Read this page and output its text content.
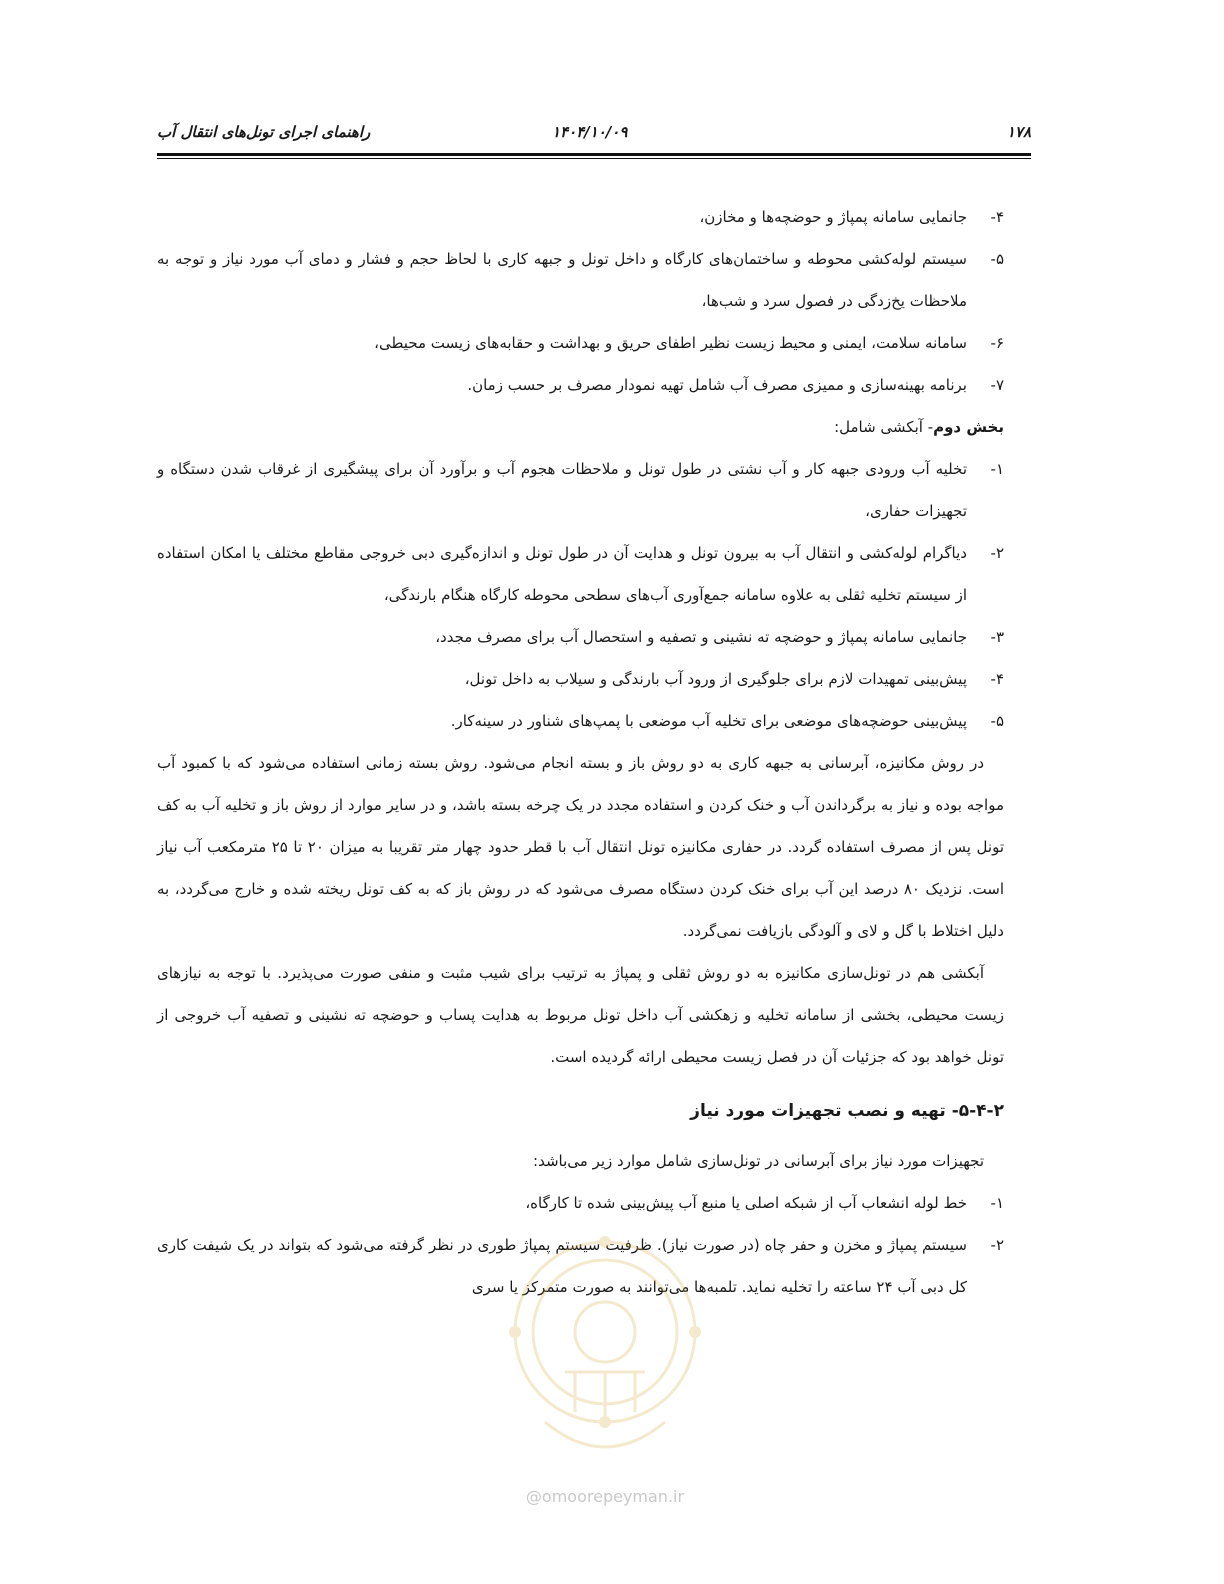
راهنمای اجرای تونل‌های انتقال آب	۱۴۰۴/۱۰/۰۹	۱۷۸
۴-
جانمایی سامانه پمپاژ و حوضچه‌ها و مخازن،
۵-
سیستم لوله‌کشی محوطه و ساختمان‌های کارگاه و داخل تونل و جبهه کاری با لحاظ حجم و فشار و دمای آب مورد نیاز و توجه به ملاحظات یخ‌زدگی در فصول سرد و شب‌ها،
۶-
سامانه سلامت، ایمنی و محیط زیست نظیر اطفای حریق و بهداشت و حقابه‌های زیست محیطی،
۷-
برنامه بهینه‌سازی و ممیزی مصرف آب شامل تهیه نمودار مصرف بر حسب زمان.

بخش دوم- آبکشی شامل:

۱-
تخلیه آب ورودی جبهه کار و آب نشتی در طول تونل و ملاحظات هجوم آب و برآورد آن برای پیشگیری از غرقاب شدن دستگاه و تجهیزات حفاری،
۲-
دیاگرام لوله‌کشی و انتقال آب به بیرون تونل و هدایت آن در طول تونل و اندازه‌گیری دبی خروجی مقاطع مختلف یا امکان استفاده از سیستم تخلیه ثقلی به علاوه سامانه جمع‌آوری آب‌های سطحی محوطه کارگاه هنگام بارندگی،
۳-
جانمایی سامانه پمپاژ و حوضچه ته نشینی و تصفیه و استحصال آب برای مصرف مجدد،
۴-
پیش‌بینی تمهیدات لازم برای جلوگیری از ورود آب بارندگی و سیلاب به داخل تونل،
۵-
پیش‌بینی حوضچه‌های موضعی برای تخلیه آب موضعی با پمپ‌های شناور در سینه‌کار.

در روش مکانیزه، آبرسانی به جبهه کاری به دو روش باز و بسته انجام می‌شود. روش بسته زمانی استفاده می‌شود که با کمبود آب مواجه بوده و نیاز به برگرداندن آب و خنک کردن و استفاده مجدد در یک چرخه بسته باشد، و در سایر موارد از روش باز و تخلیه آب به کف تونل پس از مصرف استفاده گردد. در حفاری مکانیزه تونل انتقال آب با قطر حدود چهار متر تقریبا به میزان ۲۰ تا ۲۵ مترمکعب آب نیاز است. نزدیک ۸۰ درصد این آب برای خنک کردن دستگاه مصرف می‌شود که در روش باز که به کف تونل ریخته شده و خارج می‌گردد، به دلیل اختلاط با گل و لای و آلودگی بازیافت نمی‌گردد.

آبکشی هم در تونل‌سازی مکانیزه به دو روش ثقلی و پمپاژ به ترتیب برای شیب مثبت و منفی صورت می‌پذیرد. با توجه به نیازهای زیست محیطی، بخشی از سامانه تخلیه و زهکشی آب داخل تونل مربوط به هدایت پساب و حوضچه ته نشینی و تصفیه آب خروجی از تونل خواهد بود که جزئیات آن در فصل زیست محیطی ارائه گردیده است.

۵-۴-۲- تهیه و نصب تجهیزات مورد نیاز

تجهیزات مورد نیاز برای آبرسانی در تونل‌سازی شامل موارد زیر می‌باشد:

۱-
خط لوله انشعاب آب از شبکه اصلی یا منبع آب پیش‌بینی شده تا کارگاه،
۲-
سیستم پمپاژ و مخزن و حفر چاه (در صورت نیاز). ظرفیت سیستم پمپاژ طوری در نظر گرفته می‌شود که بتواند در یک شیفت کاری کل دبی آب ۲۴ ساعته را تخلیه نماید. تلمبه‌ها می‌توانند به صورت متمرکز یا سری
@omoorepeyman.ir
